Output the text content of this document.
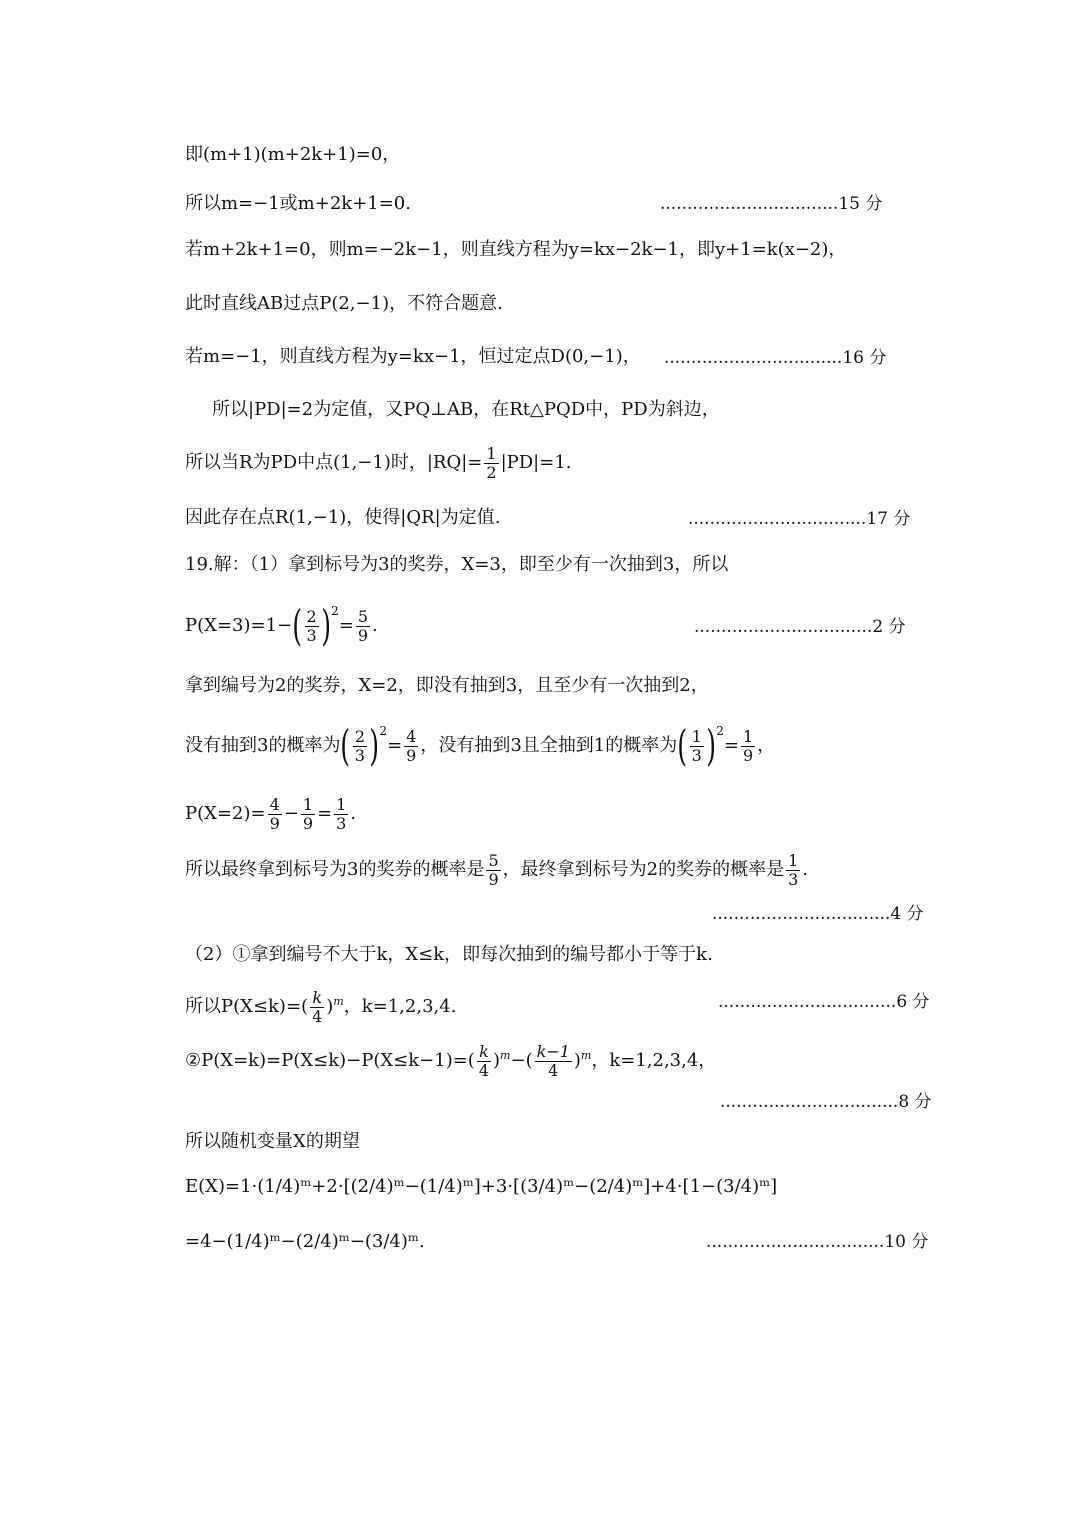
即(m+1)(m+2k+1)=0，
所以m=−1或m+2k+1=0.	.................................15 分
若m+2k+1=0，则m=−2k−1，则直线方程为y=kx−2k−1，即y+1=k(x−2)，
此时直线AB过点P(2,−1)，不符合题意.
若m=−1，则直线方程为y=kx−1，恒过定点D(0,−1)， .................................16 分
所以|PD|=2为定值，又PQ⊥AB，在Rt△PQD中，PD为斜边，
所以当R为PD中点(1,−1)时，$|RQ|= \frac{1}{2} |PD|=1$.
因此存在点R(1,−1)，使得|QR|为定值.	.................................17 分
19.解：（1）拿到标号为3的奖券，X=3，即至少有一次抽到3，所以
$P(X=3)=1-( \frac{2}{3} )^2= \frac{5}{9}$ .	.................................2 分
拿到编号为2的奖券，X=2，即没有抽到3，且至少有一次抽到2，
没有抽到3的概率为( $\frac{2}{3} )^2= \frac{4}{9}$ ，没有抽到3且全抽到1的概率为( $\frac{1}{3} )^2= \frac{1}{9}$ ，
$P(X=2)= \frac{4}{9} - \frac{1}{9} = \frac{1}{3}$ .
所以最终拿到标号为3的奖券的概率是 $\frac{5}{9}$ ，最终拿到标号为2的奖券的概率是 $\frac{1}{3}$ .
.................................4 分
（2）①拿到编号不大于k，X≤k，即每次抽到的编号都小于等于k.
所以$P(X\le k)=( \frac{k}{4} )^m$，k=1,2,3,4.	.................................6 分
②P(X=k)=P(X≤k)−P(X≤k−1)=( $\frac{k}{4} )^m-( \frac{k-1}{4} )^m$，k=1,2,3,4，
.................................8 分
所以随机变量X的期望
E(X)=1·(1/4)ᵐ+2·[(2/4)ᵐ−(1/4)ᵐ]+3·[(3/4)ᵐ−(2/4)ᵐ]+4·[1−(3/4)ᵐ]
=4−(1/4)ᵐ−(2/4)ᵐ−(3/4)ᵐ.	.................................10 分
